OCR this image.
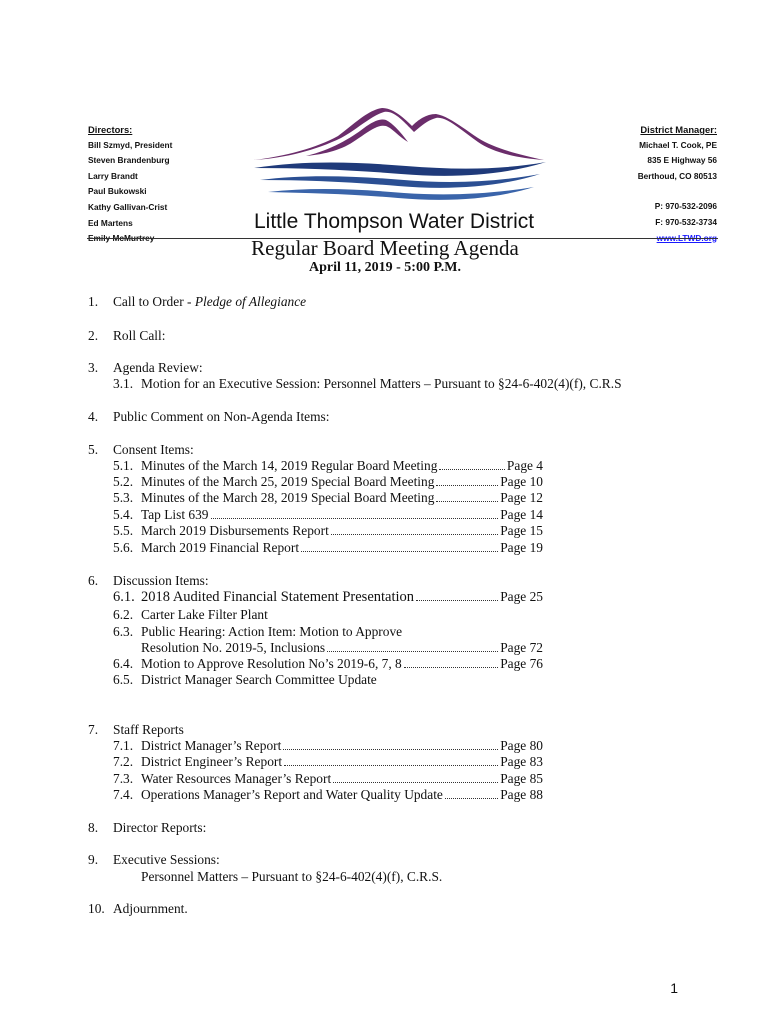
Directors:
Bill Szmyd, President
Steven Brandenburg
Larry Brandt
Paul Bukowski
Kathy Gallivan-Crist
Ed Martens
Emily McMurtrey
District Manager:
Michael T. Cook, PE
835 E Highway 56
Berthoud, CO 80513
P: 970-532-2096
F: 970-532-3734
www.LTWD.org
Little Thompson Water District
Regular Board Meeting Agenda
April 11, 2019 - 5:00 P.M.
1. Call to Order - Pledge of Allegiance
2. Roll Call:
3. Agenda Review:
3.1. Motion for an Executive Session: Personnel Matters – Pursuant to §24-6-402(4)(f), C.R.S
4. Public Comment on Non-Agenda Items:
5. Consent Items:
5.1. Minutes of the March 14, 2019 Regular Board Meeting	Page 4
5.2. Minutes of the March 25, 2019 Special Board Meeting	Page 10
5.3. Minutes of the March 28, 2019 Special Board Meeting	Page 12
5.4. Tap List 639	Page 14
5.5. March 2019 Disbursements Report	Page 15
5.6. March 2019 Financial Report	Page 19
6. Discussion Items:
6.1. 2018 Audited Financial Statement Presentation	Page 25
6.2. Carter Lake Filter Plant
6.3. Public Hearing: Action Item: Motion to Approve
Resolution No. 2019-5, Inclusions	Page 72
6.4. Motion to Approve Resolution No’s 2019-6, 7, 8	Page 76
6.5. District Manager Search Committee Update
7. Staff Reports
7.1. District Manager’s Report	Page 80
7.2. District Engineer’s Report	Page 83
7.3. Water Resources Manager’s Report	Page 85
7.4. Operations Manager’s Report and Water Quality Update	Page 88
8. Director Reports:
9. Executive Sessions:
Personnel Matters – Pursuant to §24-6-402(4)(f), C.R.S.
10. Adjournment.
1
